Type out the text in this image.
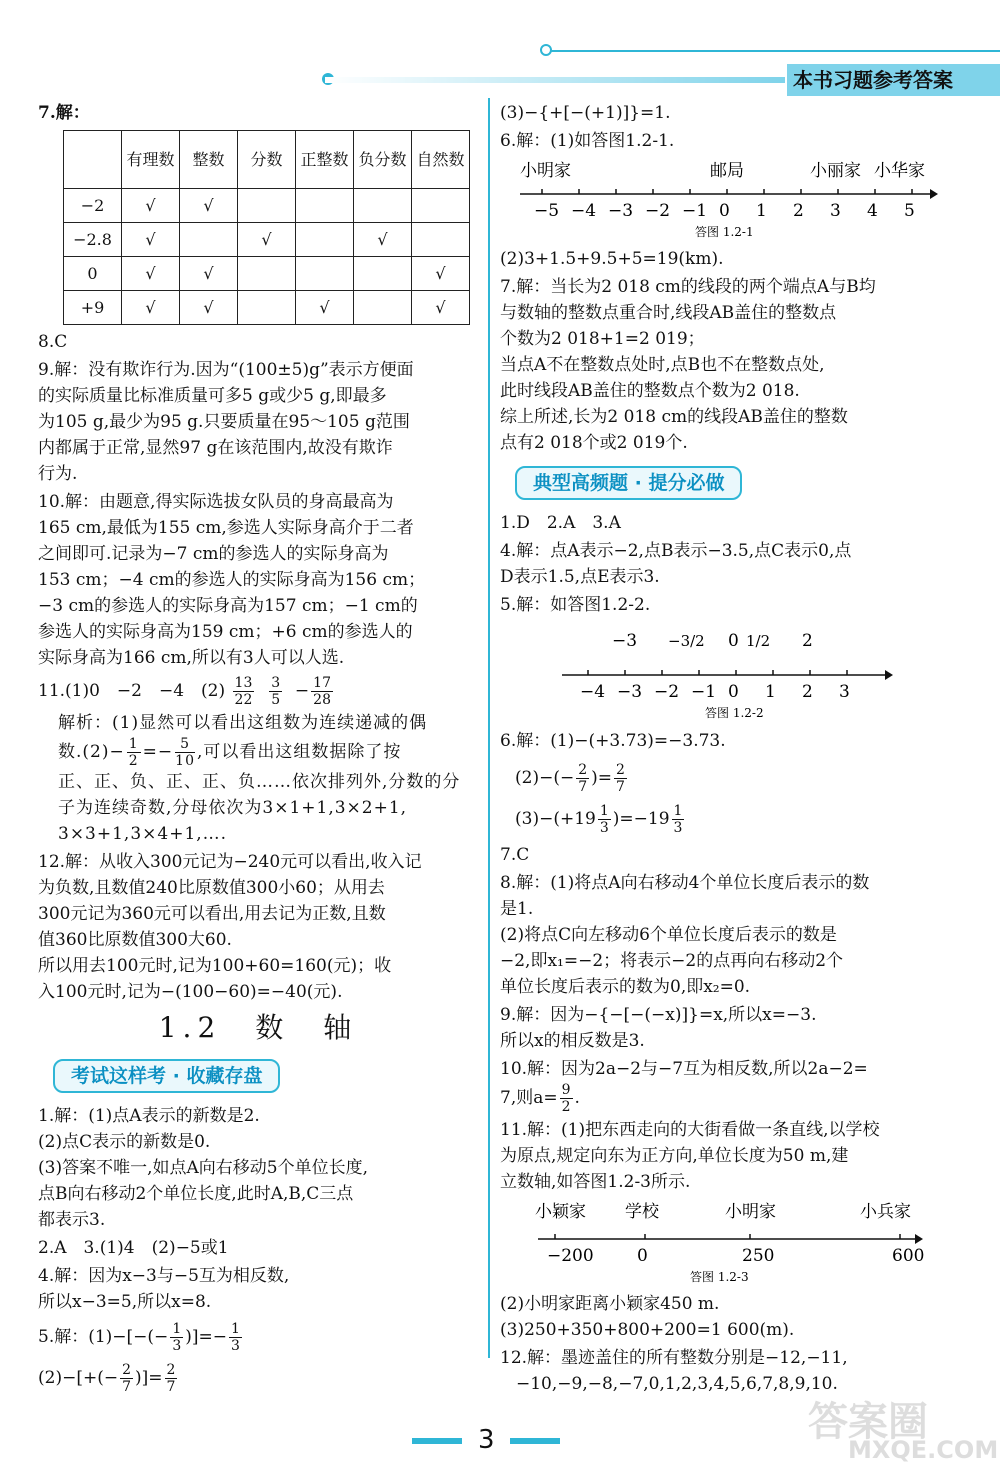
本书习题参考答案
7.解：
	有理数	整数	分数	正整数	负分数	自然数
−2	√	√				
−2.8	√		√		√	
0	√	√				√
+9	√	√		√		√
8.C
9.解：没有欺诈行为.因为“(100±5)g”表示方便面
的实际质量比标准质量可多5 g或少5 g,即最多
为105 g,最少为95 g.只要质量在95～105 g范围
内都属于正常,显然97 g在该范围内,故没有欺诈
行为.
10.解：由题意,得实际选拔女队员的身高最高为
165 cm,最低为155 cm,参选人实际身高介于二者
之间即可.记录为−7 cm的参选人的实际身高为
153 cm；−4 cm的参选人的实际身高为156 cm；
−3 cm的参选人的实际身高为157 cm；−1 cm的
参选人的实际身高为159 cm；+6 cm的参选人的
实际身高为166 cm,所以有3人可以人选.
11.(1)0　−2　−4　$(2) \frac{13}{22}$
$\frac{3}{5} - \frac{17}{28}$
解析：(1)显然可以看出这组数为连续递减的偶
数$.(2)- \frac{1}{2} =- \frac{5}{10}$ ,可以看出这组数据除了按
正、正、负、正、正、负……依次排列外,分数的分
子为连续奇数,分母依次为3×1+1,3×2+1,
3×3+1,3×4+1,….
12.解：从收入300元记为−240元可以看出,收入记
为负数,且数值240比原数值300小60；从用去
300元记为360元可以看出,用去记为正数,且数
值360比原数值300大60.
所以用去100元时,记为100+60=160(元)；收
入100元时,记为−(100−60)=−40(元).
1.2　数　轴
考试这样考 · 收藏存盘
1.解：(1)点A表示的新数是2.
(2)点C表示的新数是0.
(3)答案不唯一,如点A向右移动5个单位长度,
点B向右移动2个单位长度,此时A,B,C三点
都表示3.
2.A　3.(1)4　(2)−5或1
4.解：因为x−3与−5互为相反数,
所以x−3=5,所以x=8.
5.解：$(1)-[-(- \frac{1}{3}$ )]=− $\frac{1}{3}$
$(2)-[+(- \frac{2}{7}$ )]= $\frac{2}{7}$
(3)−{+[−(+1)]}=1.
6.解：(1)如答图1.2-1.
小明家	邮局	小丽家 小华家
−5 −4 −3 −2 −1 0 1 2 3 4 5
答图 1.2-1
(2)3+1.5+9.5+5=19(km).
7.解：当长为2 018 cm的线段的两个端点A与B均
与数轴的整数点重合时,线段AB盖住的整数点
个数为2 018+1=2 019；
当点A不在整数点处时,点B也不在整数点处,
此时线段AB盖住的整数点个数为2 018.
综上所述,长为2 018 cm的线段AB盖住的整数
点有2 018个或2 019个.
典型高频题 · 提分必做
1.D　2.A　3.A
4.解：点A表示−2,点B表示−3.5,点C表示0,点
D表示1.5,点E表示3.
5.解：如答图1.2-2.
−3 −3/2 0 1/2 2
−4 −3 −2 −1 0 1 2 3
答图 1.2-2
6.解：(1)−(+3.73)=−3.73.
$(2)-(- \frac{2}{7}$ )= $\frac{2}{7}$
$(3)-(+19 \frac{1}{3} )=-19 \frac{1}{3}$
7.C
8.解：(1)将点A向右移动4个单位长度后表示的数
是1.
(2)将点C向左移动6个单位长度后表示的数是
−2,即x₁=−2；将表示−2的点再向右移动2个
单位长度后表示的数为0,即x₂=0.
9.解：因为−{−[−(−x)]}=x,所以x=−3.
所以x的相反数是3.
10.解：因为2a−2与−7互为相反数,所以2a−2=
7,则$a= \frac{9}{2}$ .
11.解：(1)把东西走向的大街看做一条直线,以学校
为原点,规定向东为正方向,单位长度为50 m,建
立数轴,如答图1.2-3所示.
小颖家 学校	小明家	小兵家
−200	0	250	600
答图 1.2-3
(2)小明家距离小颖家450 m.
(3)250+350+800+200=1 600(m).
12.解：墨迹盖住的所有整数分别是−12,−11,
−10,−9,−8,−7,0,1,2,3,4,5,6,7,8,9,10.
3	答案圈
MXQE.COM
